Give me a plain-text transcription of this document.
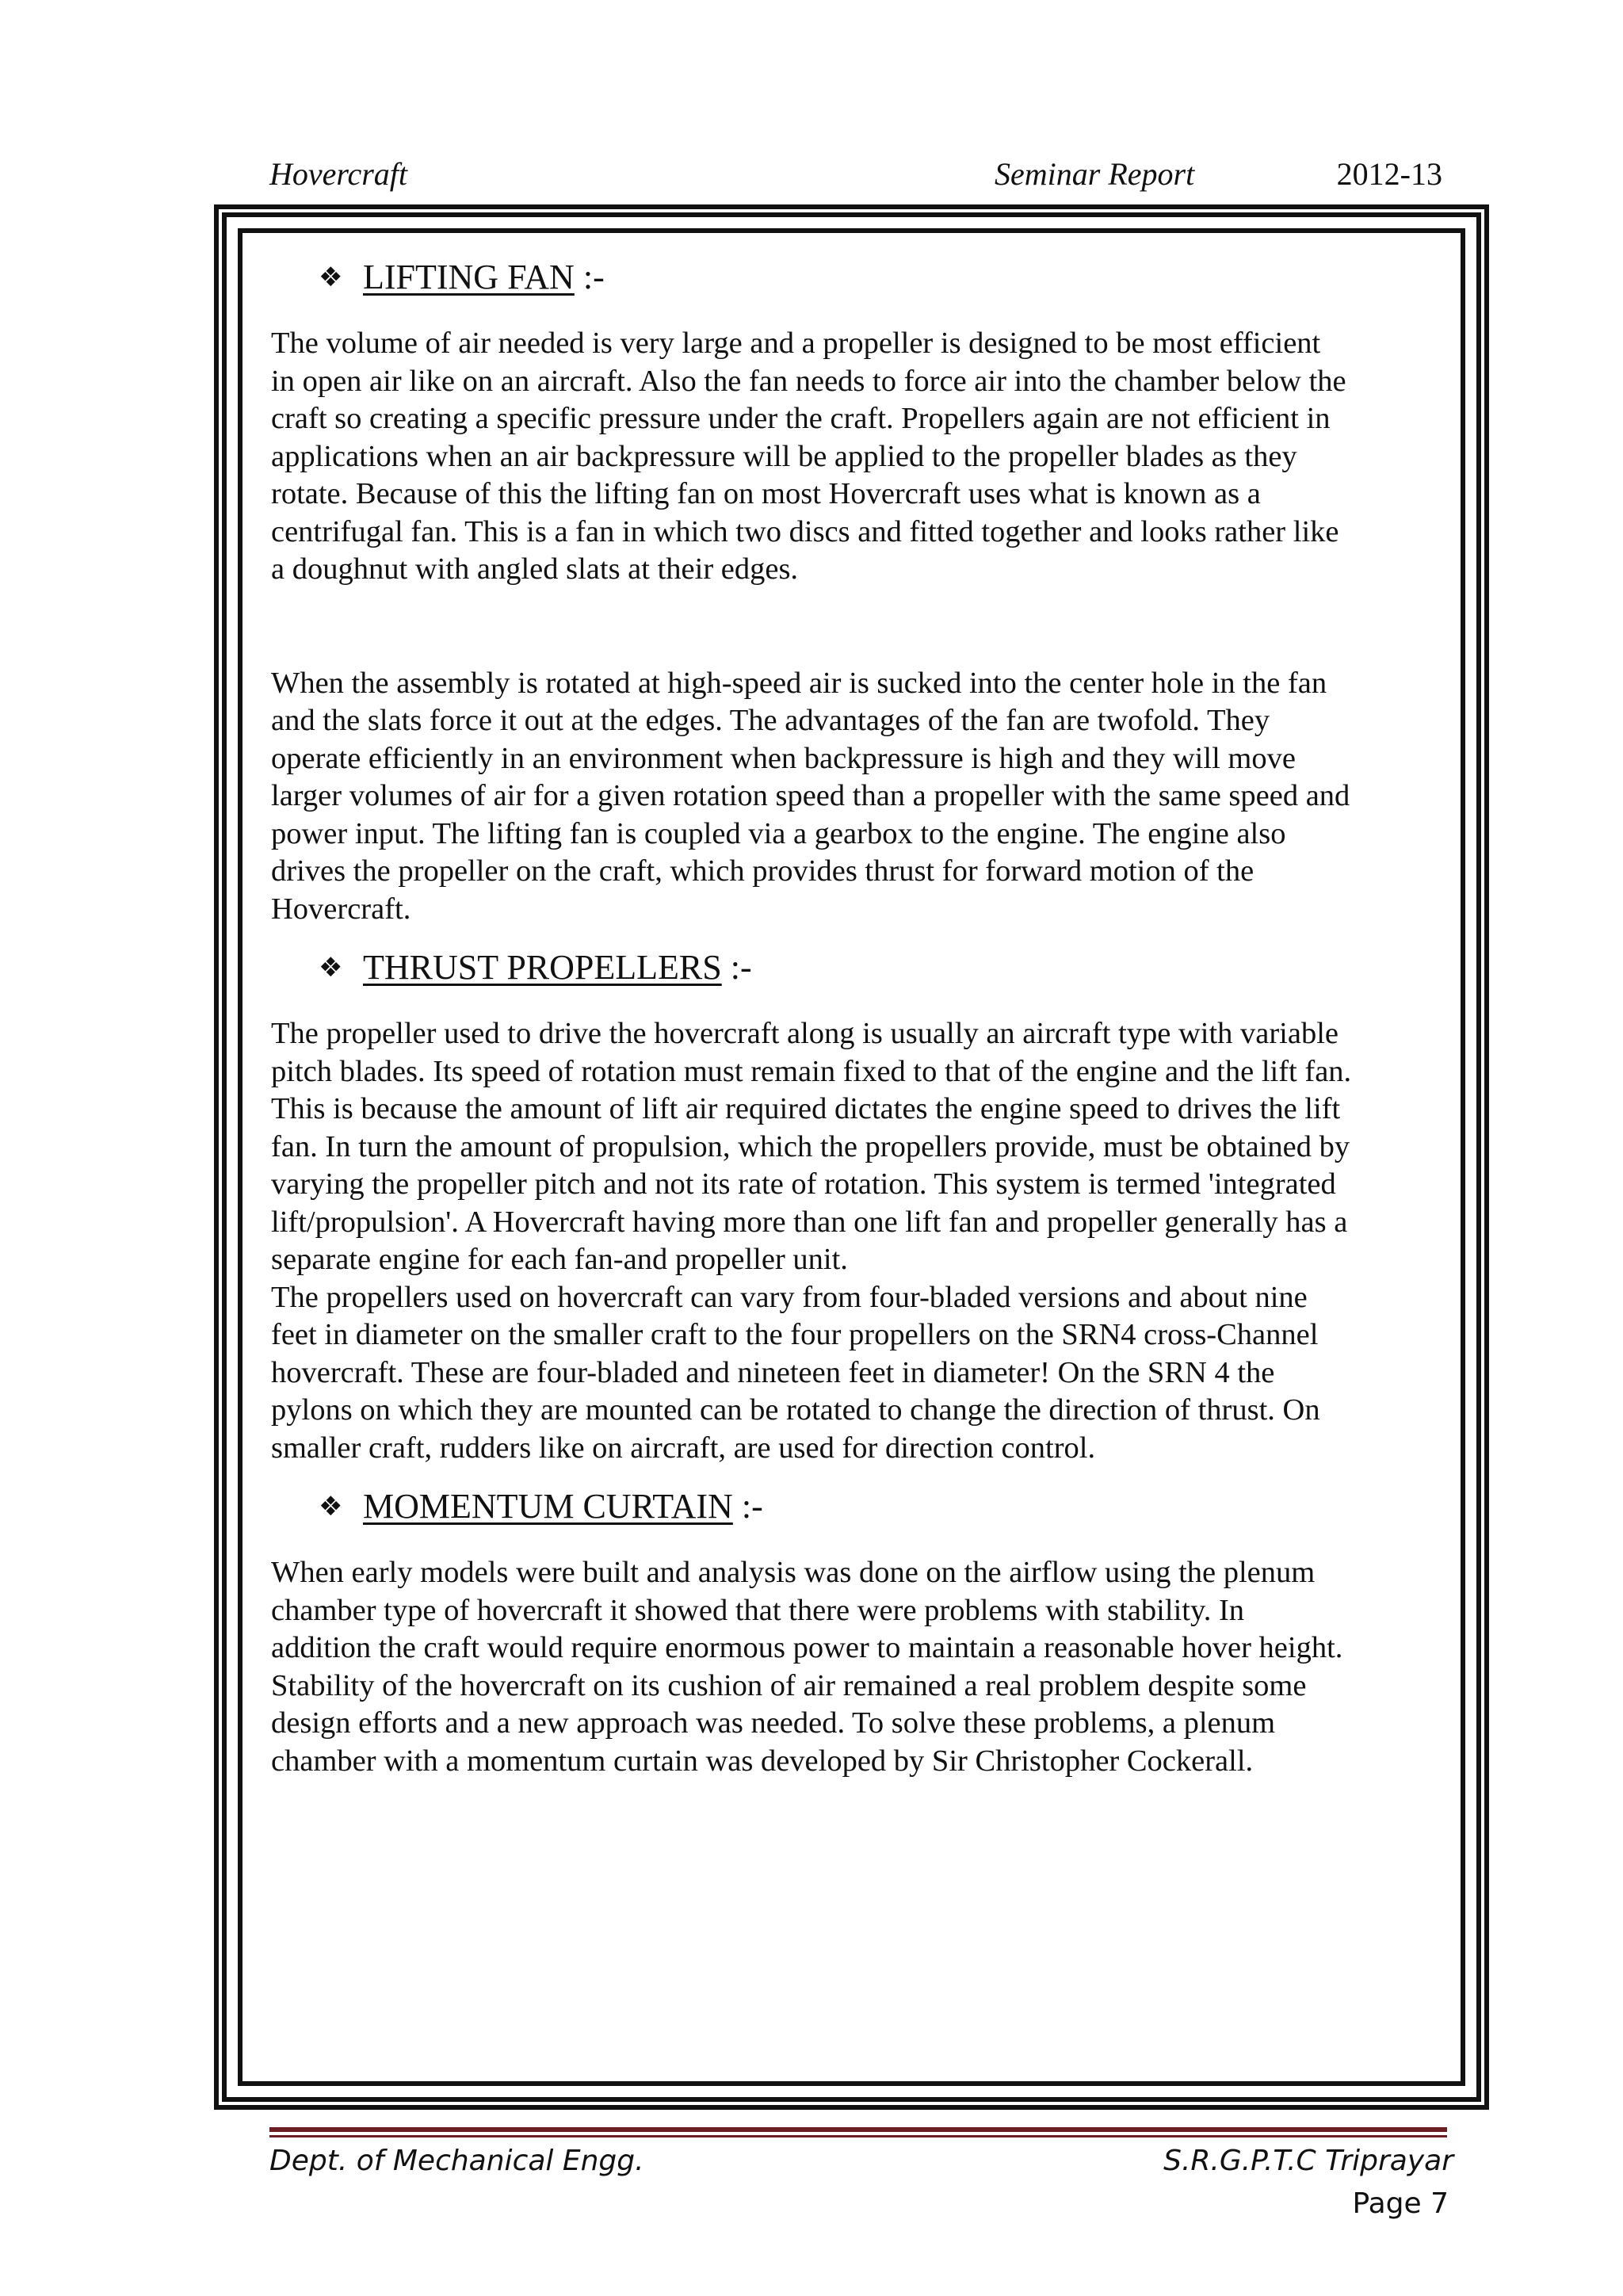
Hovercraft	Seminar Report	2012-13
❖ LIFTING FAN :-

The volume of air needed is very large and a propeller is designed to be most efficient
in open air like on an aircraft. Also the fan needs to force air into the chamber below the
craft so creating a specific pressure under the craft. Propellers again are not efficient in
applications when an air backpressure will be applied to the propeller blades as they
rotate. Because of this the lifting fan on most Hovercraft uses what is known as a
centrifugal fan. This is a fan in which two discs and fitted together and looks rather like
a doughnut with angled slats at their edges.

When the assembly is rotated at high-speed air is sucked into the center hole in the fan
and the slats force it out at the edges. The advantages of the fan are twofold. They
operate efficiently in an environment when backpressure is high and they will move
larger volumes of air for a given rotation speed than a propeller with the same speed and
power input. The lifting fan is coupled via a gearbox to the engine. The engine also
drives the propeller on the craft, which provides thrust for forward motion of the
Hovercraft.

❖ THRUST PROPELLERS :-

The propeller used to drive the hovercraft along is usually an aircraft type with variable
pitch blades. Its speed of rotation must remain fixed to that of the engine and the lift fan.
This is because the amount of lift air required dictates the engine speed to drives the lift
fan. In turn the amount of propulsion, which the propellers provide, must be obtained by
varying the propeller pitch and not its rate of rotation. This system is termed 'integrated
lift/propulsion'. A Hovercraft having more than one lift fan and propeller generally has a
separate engine for each fan-and propeller unit.

The propellers used on hovercraft can vary from four-bladed versions and about nine
feet in diameter on the smaller craft to the four propellers on the SRN4 cross-Channel
hovercraft. These are four-bladed and nineteen feet in diameter! On the SRN 4 the
pylons on which they are mounted can be rotated to change the direction of thrust. On
smaller craft, rudders like on aircraft, are used for direction control.

❖ MOMENTUM CURTAIN :-

When early models were built and analysis was done on the airflow using the plenum
chamber type of hovercraft it showed that there were problems with stability. In
addition the craft would require enormous power to maintain a reasonable hover height.
Stability of the hovercraft on its cushion of air remained a real problem despite some
design efforts and a new approach was needed. To solve these problems, a plenum
chamber with a momentum curtain was developed by Sir Christopher Cockerall.

Dept. of Mechanical Engg.	S.R.G.P.T.C Triprayar
Page 7
